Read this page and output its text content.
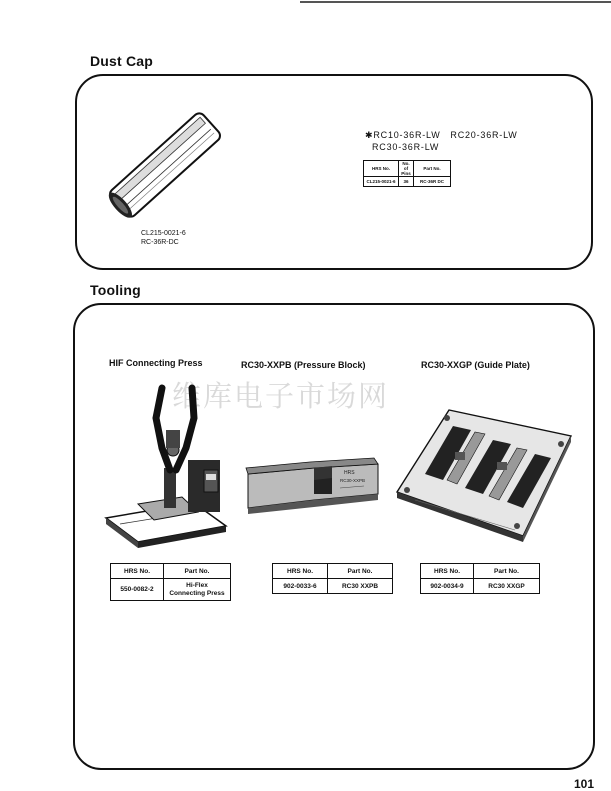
Dust Cap
CL215-0021-6
RC-36R-DC
✱RC10-36R-LW   RC20-36R-LW
RC30-36R-LW
HRS No.	No. of Pins	Part No.
CL215-0021-6	36	RC-36R DC
Tooling
HIF Connecting Press	RC30-XXPB (Pressure Block)	RC30-XXGP (Guide Plate)
维库电子市场网
HRS
RC30-XXPB
HRS No.	Part No.
550-0082-2	Hi-Flex
Connecting Press
HRS No.	Part No.
902-0033-6	RC30 XXPB
HRS No.	Part No.
902-0034-9	RC30 XXGP
101
